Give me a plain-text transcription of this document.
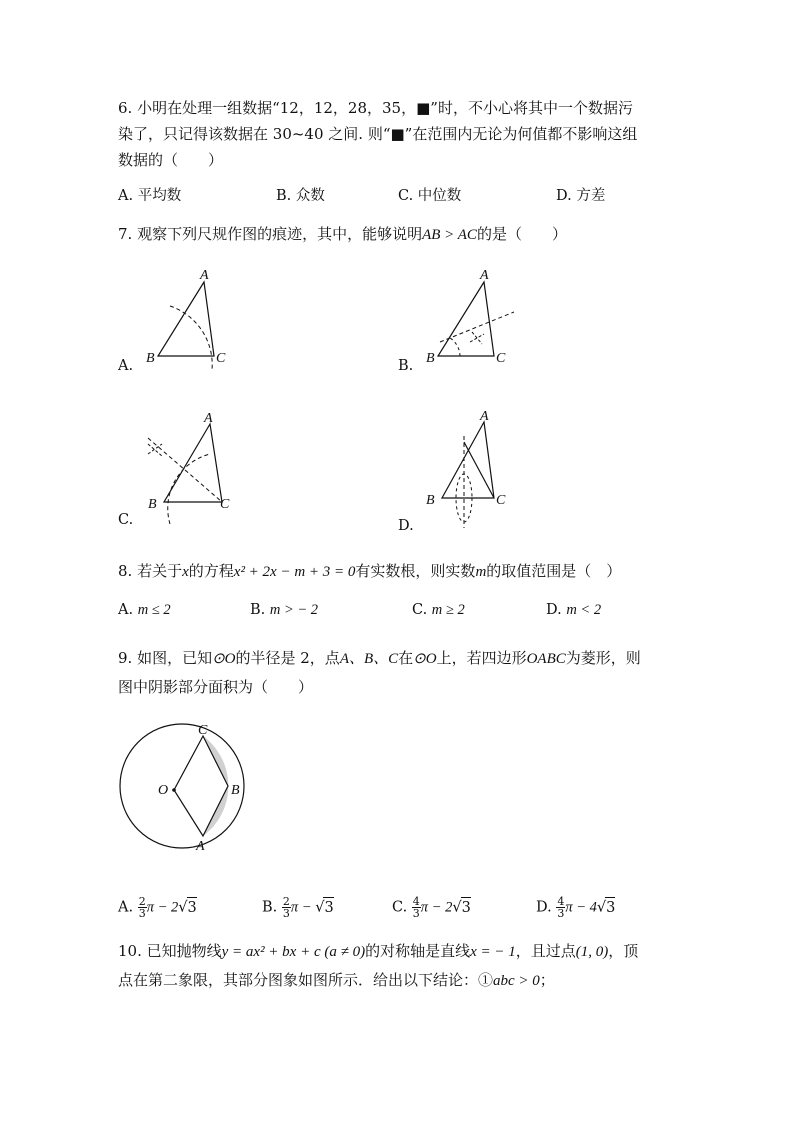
6. 小明在处理一组数据“12，12，28，35，■”时，不小心将其中一个数据污
染了，只记得该数据在 30~40 之间. 则“■”在范围内无论为何值都不影响这组
数据的（　　）
A. 平均数	B. 众数	C. 中位数	D. 方差
7. 观察下列尺规作图的痕迹，其中，能够说明AB > AC的是（　　）
A.
A
B	C	B.
A
B	C
C.
A
B	C
D.
A
B	C
8. 若关于x的方程x² + 2x − m + 3 = 0有实数根，则实数m的取值范围是（　）
A. m ≤ 2	B. m > − 2	C. m ≥ 2	D. m < 2
9. 如图，已知⊙O的半径是 2，点A、B、C在⊙O上，若四边形OABC为菱形，则
图中阴影部分面积为（　　）
O
C
B
A
A. $\frac{2}{3}$ π − 2√3	B. $\frac{2}{3}$ π − √3	C. $\frac{4}{3}$ π − 2√3	D. $\frac{4}{3}$ π − 4√3
10. 已知抛物线y = ax² + bx + c (a ≠ 0)的对称轴是直线x = − 1，且过点(1, 0)，顶
点在第二象限，其部分图象如图所示．给出以下结论：①abc > 0；
